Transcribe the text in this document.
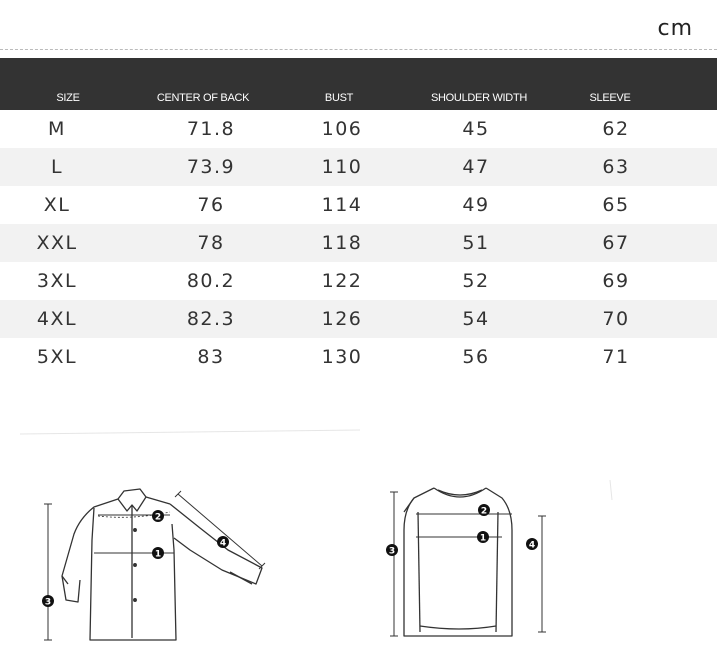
cm
SIZE	CENTER OF BACK	BUST	SHOULDER WIDTH	SLEEVE
M	71.8	106	45	62
L	73.9	110	47	63
XL	76	114	49	65
XXL	78	118	51	67
3XL	80.2	122	52	69
4XL	82.3	126	54	70
5XL	83	130	56	71
1
2
3
4	1
2
3
4
